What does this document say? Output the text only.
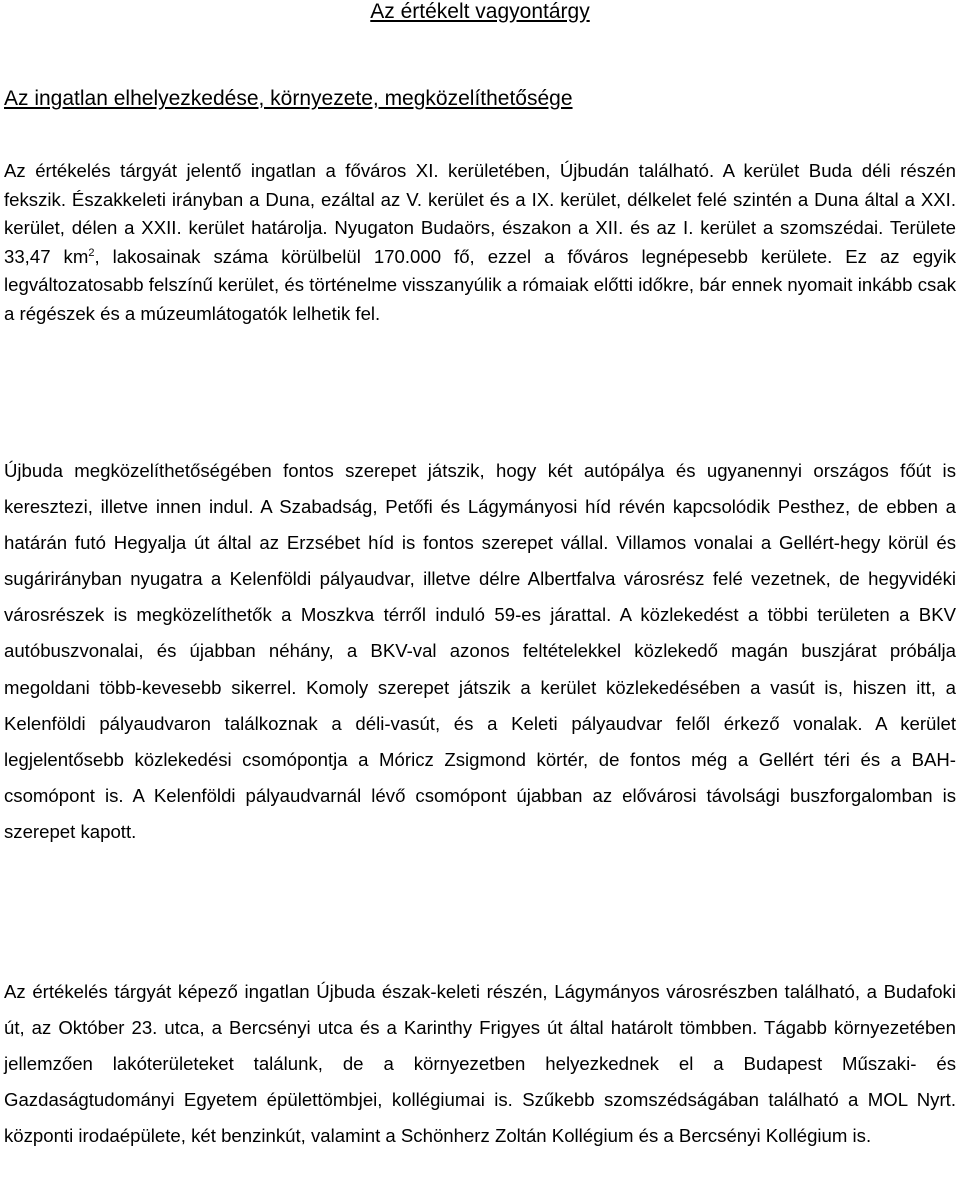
Az értékelt vagyontárgy
Az ingatlan elhelyezkedése, környezete, megközelíthetősége

Az értékelés tárgyát jelentő ingatlan a főváros XI. kerületében, Újbudán található. A kerület Buda déli részén fekszik. Északkeleti irányban a Duna, ezáltal az V. kerület és a IX. kerület, délkelet felé szintén a Duna által a XXI. kerület, délen a XXII. kerület határolja. Nyugaton Budaörs, északon a XII. és az I. kerület a szomszédai. Területe 33,47 $km^2$, lakosainak száma körülbelül 170.000 fő, ezzel a főváros legnépesebb kerülete. Ez az egyik legváltozatosabb felszínű kerület, és történelme visszanyúlik a rómaiak előtti időkre, bár ennek nyomait inkább csak a régészek és a múzeumlátogatók lelhetik fel.

Újbuda megközelíthetőségében fontos szerepet játszik, hogy két autópálya és ugyanennyi országos főút is keresztezi, illetve innen indul. A Szabadság, Petőfi és Lágymányosi híd révén kapcsolódik Pesthez, de ebben a határán futó Hegyalja út által az Erzsébet híd is fontos szerepet vállal. Villamos vonalai a Gellért-hegy körül és sugárirányban nyugatra a Kelenföldi pályaudvar, illetve délre Albertfalva városrész felé vezetnek, de hegyvidéki városrészek is megközelíthetők a Moszkva térről induló 59-es járattal. A közlekedést a többi területen a BKV autóbuszvonalai, és újabban néhány, a BKV-val azonos feltételekkel közlekedő magán buszjárat próbálja megoldani több-kevesebb sikerrel. Komoly szerepet játszik a kerület közlekedésében a vasút is, hiszen itt, a Kelenföldi pályaudvaron találkoznak a déli-vasút, és a Keleti pályaudvar felől érkező vonalak. A kerület legjelentősebb közlekedési csomópontja a Móricz Zsigmond körtér, de fontos még a Gellért téri és a BAH-csomópont is. A Kelenföldi pályaudvarnál lévő csomópont újabban az elővárosi távolsági buszforgalomban is szerepet kapott.

Az értékelés tárgyát képező ingatlan Újbuda észak-keleti részén, Lágymányos városrészben található, a Budafoki út, az Október 23. utca, a Bercsényi utca és a Karinthy Frigyes út által határolt tömbben. Tágabb környezetében jellemzően lakóterületeket találunk, de a környezetben helyezkednek el a Budapest Műszaki- és Gazdaságtudományi Egyetem épülettömbjei, kollégiumai is. Szűkebb szomszédságában található a MOL Nyrt. központi irodaépülete, két benzinkút, valamint a Schönherz Zoltán Kollégium és a Bercsényi Kollégium is.
